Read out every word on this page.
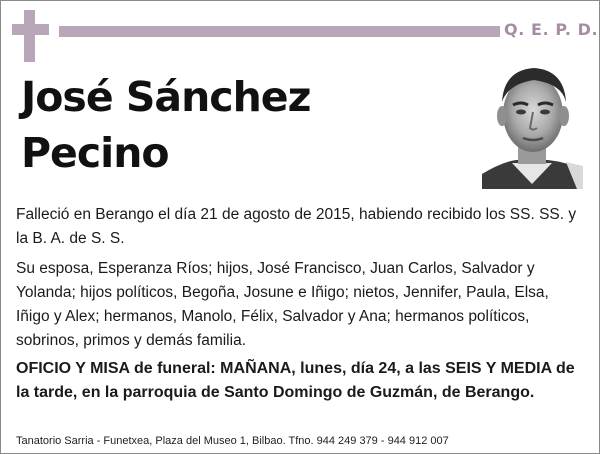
Q. E. P. D.
José Sánchez
Pecino

Falleció en Berango el día 21 de agosto de 2015, habiendo recibido los SS. SS. y la B. A. de S. S.

Su esposa, Esperanza Ríos; hijos, José Francisco, Juan Carlos, Salvador y Yolanda; hijos políticos, Begoña, Josune e Iñigo; nietos, Jennifer, Paula, Elsa, Iñigo y Alex; hermanos, Manolo, Félix, Salvador y Ana; hermanos políticos, sobrinos, primos y demás familia.

OFICIO Y MISA de funeral: MAÑANA, lunes, día 24, a las SEIS Y MEDIA de la tarde, en la parroquia de Santo Domingo de Guzmán, de Berango.

Tanatorio Sarria - Funetxea, Plaza del Museo 1, Bilbao. Tfno. 944 249 379 - 944 912 007
